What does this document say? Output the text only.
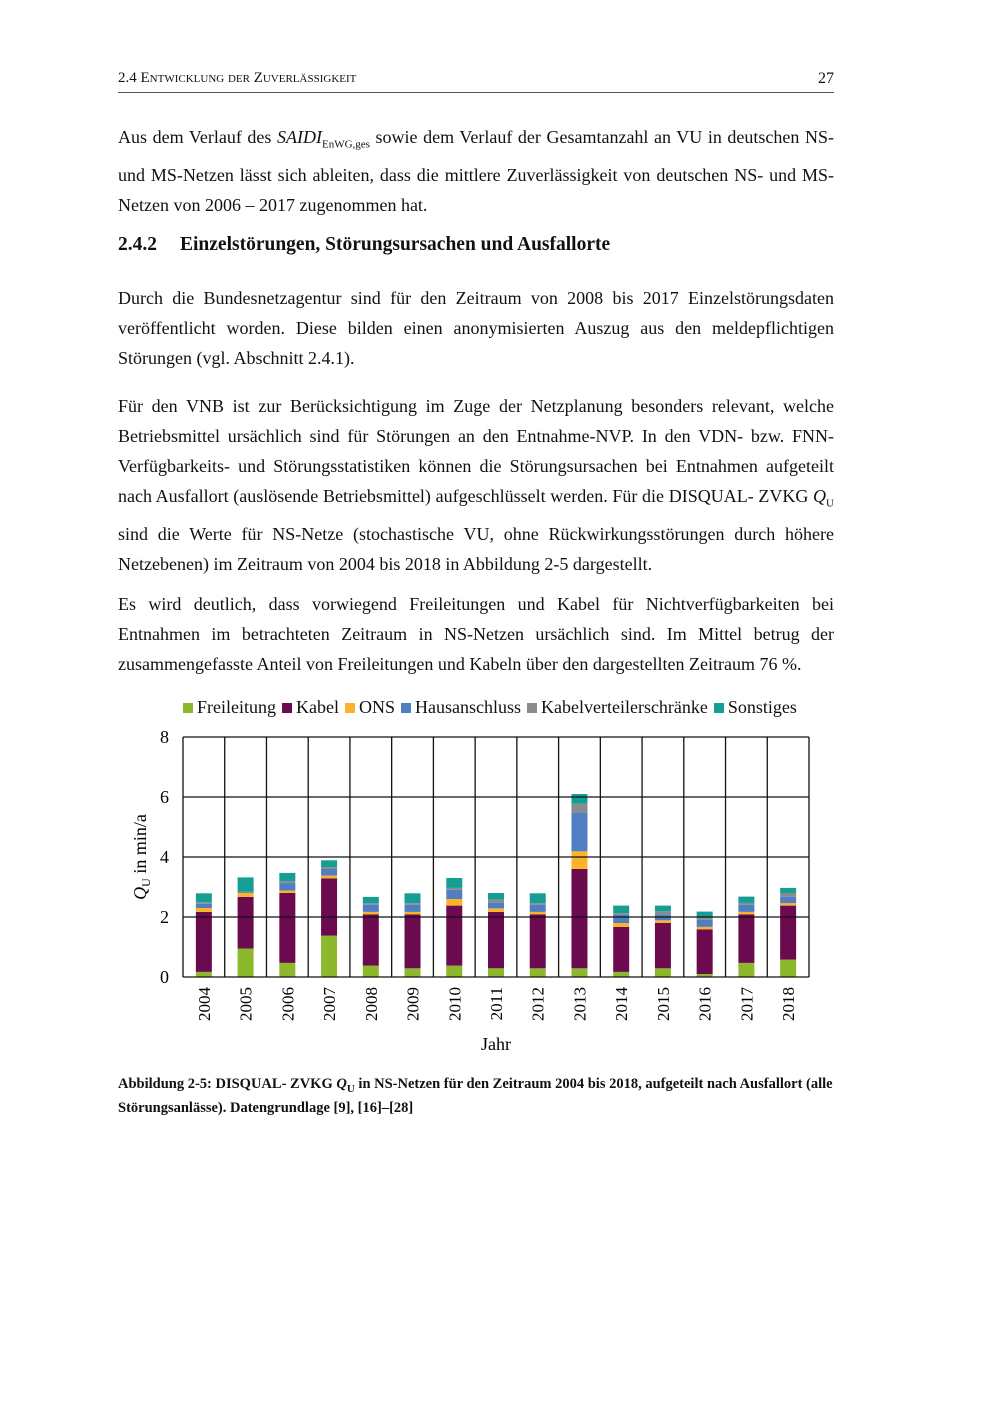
2.4 Entwicklung der Zuverlässigkeit	27
Aus dem Verlauf des $SAIDI_{EnWG,ges}$ sowie dem Verlauf der Gesamtanzahl an VU in deutschen NS- und MS-Netzen lässt sich ableiten, dass die mittlere Zuverlässigkeit von deutschen NS- und MS-Netzen von 2006 – 2017 zugenommen hat.
2.4.2 Einzelstörungen, Störungsursachen und Ausfallorte
Durch die Bundesnetzagentur sind für den Zeitraum von 2008 bis 2017 Einzelstörungsdaten veröffentlicht worden. Diese bilden einen anonymisierten Auszug aus den meldepflichtigen Störungen (vgl. Abschnitt 2.4.1).
Für den VNB ist zur Berücksichtigung im Zuge der Netzplanung besonders relevant, welche Betriebsmittel ursächlich sind für Störungen an den Entnahme-NVP. In den VDN- bzw. FNN-Verfügbarkeits- und Störungsstatistiken können die Störungsursachen bei Entnahmen aufgeteilt nach Ausfallort (auslösende Betriebsmittel) aufgeschlüsselt werden. Für die DISQUAL- ZVKG $Q_U$ sind die Werte für NS-Netze (stochastische VU, ohne Rückwirkungsstörungen durch höhere Netzebenen) im Zeitraum von 2004 bis 2018 in Abbildung 2-5 dargestellt.
Es wird deutlich, dass vorwiegend Freileitungen und Kabel für Nichtverfügbarkeiten bei Entnahmen im betrachteten Zeitraum in NS-Netzen ursächlich sind. Im Mittel betrug der zusammengefasste Anteil von Freileitungen und Kabeln über den dargestellten Zeitraum 76 %.
Freileitung Kabel ONS Hausanschluss Kabelverteilerschränke Sonstiges
0
2
4
6
8
2004 2005 2006 2007 2008 2009 2010 2011 2012 2013 2014 2015 2016 2017 2018
Jahr
$Q_U$ in min/a
Abbildung 2-5: DISQUAL- ZVKG $Q_U$ in NS-Netzen für den Zeitraum 2004 bis 2018, aufgeteilt nach Ausfallort (alle Störungsanlässe). Datengrundlage [9], [16]–[28]
